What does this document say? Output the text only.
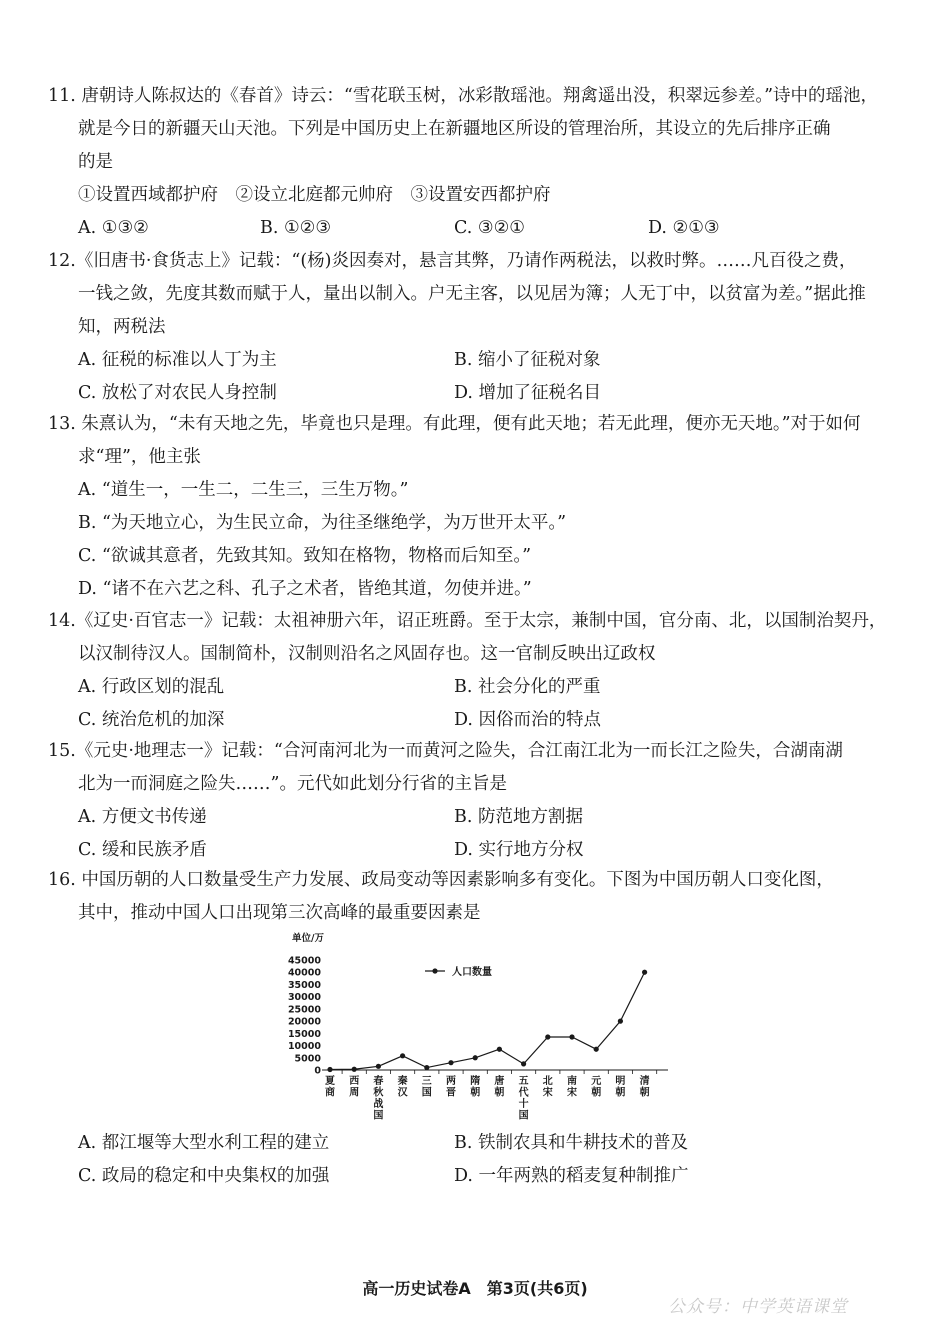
11. 唐朝诗人陈叔达的《春首》诗云：“雪花联玉树，冰彩散瑶池。翔禽遥出没，积翠远参差。”诗中的瑶池，
就是今日的新疆天山天池。下列是中国历史上在新疆地区所设的管理治所，其设立的先后排序正确
的是
①设置西域都护府　②设立北庭都元帅府　③设置安西都护府
A. ①③②	B. ①②③	C. ③②①	D. ②①③
12.《旧唐书·食货志上》记载：“(杨)炎因奏对，悬言其弊，乃请作两税法，以救时弊。……凡百役之费，
一钱之敛，先度其数而赋于人，量出以制入。户无主客，以见居为簿；人无丁中，以贫富为差。”据此推
知，两税法
A. 征税的标准以人丁为主	B. 缩小了征税对象
C. 放松了对农民人身控制	D. 增加了征税名目
13. 朱熹认为，“未有天地之先，毕竟也只是理。有此理，便有此天地；若无此理，便亦无天地。”对于如何
求“理”，他主张
A. “道生一，一生二，二生三，三生万物。”
B. “为天地立心，为生民立命，为往圣继绝学，为万世开太平。”
C. “欲诚其意者，先致其知。致知在格物，物格而后知至。”
D. “诸不在六艺之科、孔子之术者，皆绝其道，勿使并进。”
14.《辽史·百官志一》记载：太祖神册六年，诏正班爵。至于太宗，兼制中国，官分南、北，以国制治契丹，
以汉制待汉人。国制简朴，汉制则沿名之风固存也。这一官制反映出辽政权
A. 行政区划的混乱	B. 社会分化的严重
C. 统治危机的加深	D. 因俗而治的特点
15.《元史·地理志一》记载：“合河南河北为一而黄河之险失，合江南江北为一而长江之险失，合湖南湖
北为一而洞庭之险失……”。元代如此划分行省的主旨是
A. 方便文书传递	B. 防范地方割据
C. 缓和民族矛盾	D. 实行地方分权
16. 中国历朝的人口数量受生产力发展、政局变动等因素影响多有变化。下图为中国历朝人口变化图，
其中，推动中国人口出现第三次高峰的最重要因素是
单位/万
45000
40000
35000
30000
25000
20000
15000
10000
5000
0
夏商
西周
春秋战国
秦汉
三国
两晋
隋朝
唐朝
五代十国
北宋
南宋
元朝
明朝
清朝
人口数量
A. 都江堰等大型水利工程的建立	B. 铁制农具和牛耕技术的普及
C. 政局的稳定和中央集权的加强	D. 一年两熟的稻麦复种制推广
高一历史试卷A　第3页(共6页)
公众号：中学英语课堂
